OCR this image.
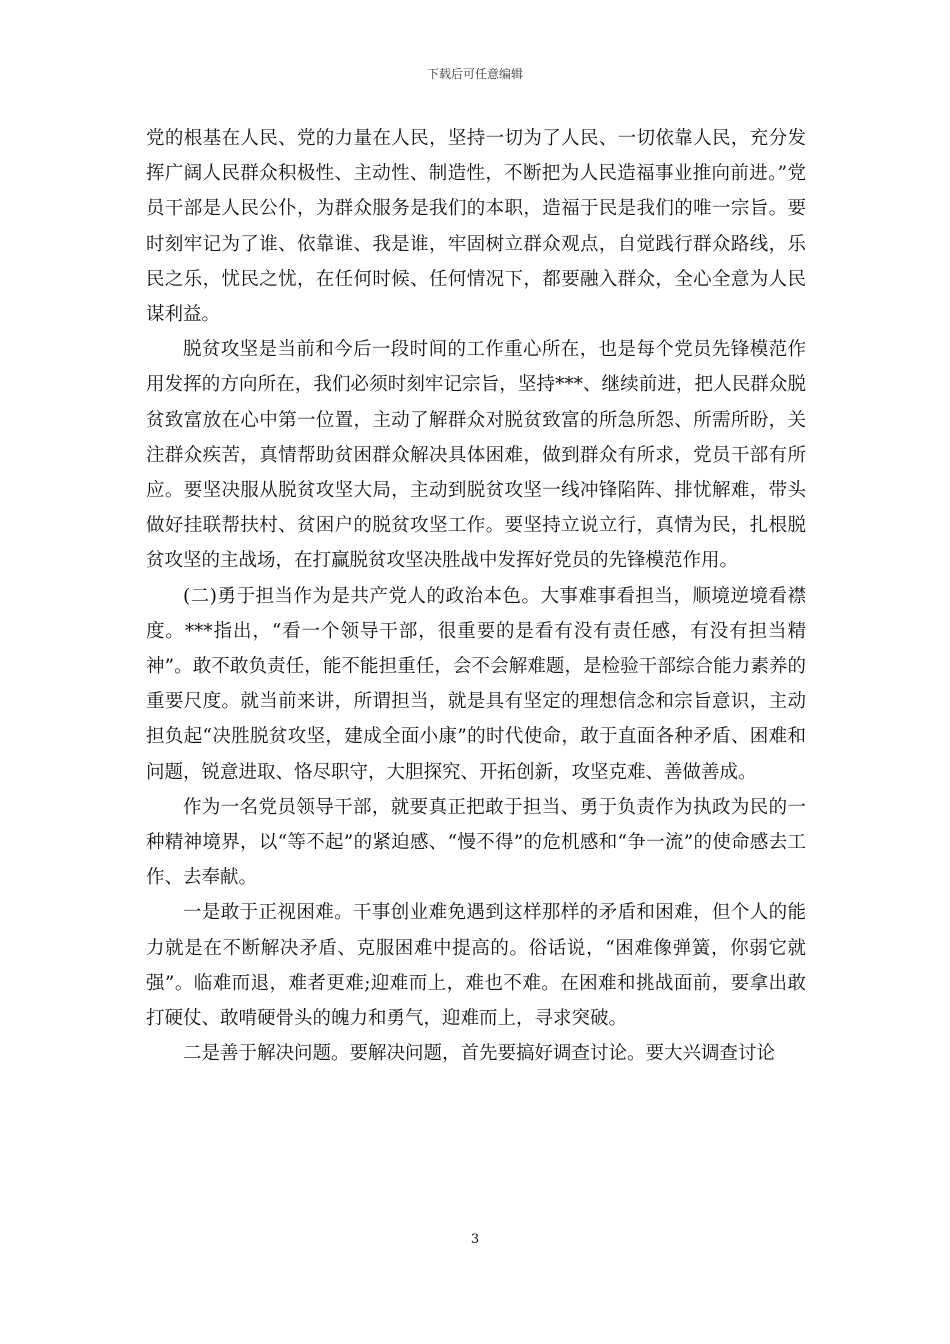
下载后可任意编辑

党的根基在人民、党的力量在人民，坚持一切为了人民、一切依靠人民，充分发挥广阔人民群众积极性、主动性、制造性，不断把为人民造福事业推向前进。”党员干部是人民公仆，为群众服务是我们的本职，造福于民是我们的唯一宗旨。要时刻牢记为了谁、依靠谁、我是谁，牢固树立群众观点，自觉践行群众路线，乐民之乐，忧民之忧，在任何时候、任何情况下，都要融入群众，全心全意为人民谋利益。

脱贫攻坚是当前和今后一段时间的工作重心所在，也是每个党员先锋模范作用发挥的方向所在，我们必须时刻牢记宗旨，坚持***、继续前进，把人民群众脱贫致富放在心中第一位置，主动了解群众对脱贫致富的所急所怨、所需所盼，关注群众疾苦，真情帮助贫困群众解决具体困难，做到群众有所求，党员干部有所应。要坚决服从脱贫攻坚大局，主动到脱贫攻坚一线冲锋陷阵、排忧解难，带头做好挂联帮扶村、贫困户的脱贫攻坚工作。要坚持立说立行，真情为民，扎根脱贫攻坚的主战场，在打赢脱贫攻坚决胜战中发挥好党员的先锋模范作用。

(二)勇于担当作为是共产党人的政治本色。大事难事看担当，顺境逆境看襟度。***指出，“看一个领导干部，很重要的是看有没有责任感，有没有担当精神”。敢不敢负责任，能不能担重任，会不会解难题，是检验干部综合能力素养的重要尺度。就当前来讲，所谓担当，就是具有坚定的理想信念和宗旨意识，主动担负起“决胜脱贫攻坚，建成全面小康”的时代使命，敢于直面各种矛盾、困难和问题，锐意进取、恪尽职守，大胆探究、开拓创新，攻坚克难、善做善成。

作为一名党员领导干部，就要真正把敢于担当、勇于负责作为执政为民的一种精神境界，以“等不起”的紧迫感、“慢不得”的危机感和“争一流”的使命感去工作、去奉献。

一是敢于正视困难。干事创业难免遇到这样那样的矛盾和困难，但个人的能力就是在不断解决矛盾、克服困难中提高的。俗话说，“困难像弹簧，你弱它就强”。临难而退，难者更难;迎难而上，难也不难。在困难和挑战面前，要拿出敢打硬仗、敢啃硬骨头的魄力和勇气，迎难而上，寻求突破。

二是善于解决问题。要解决问题，首先要搞好调查讨论。要大兴调查讨论

3
